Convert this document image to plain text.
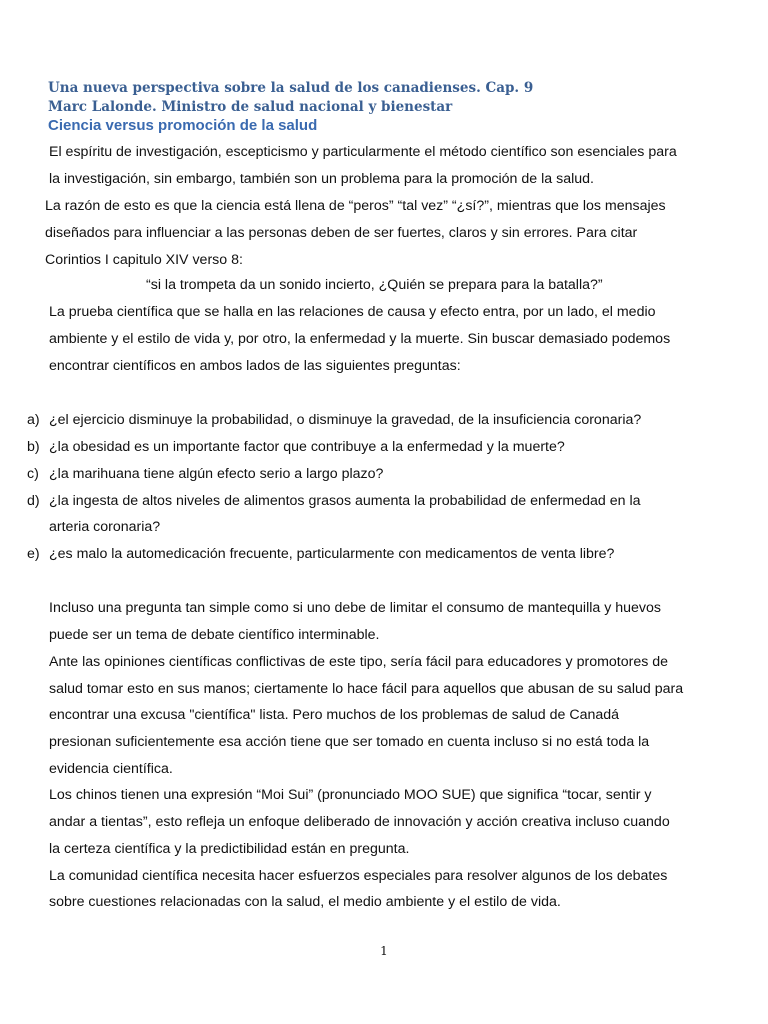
Una nueva perspectiva sobre la salud de los canadienses. Cap. 9
Marc Lalonde. Ministro de salud nacional y bienestar
Ciencia versus promoción de la salud
El espíritu de investigación, escepticismo y particularmente el método científico son esenciales para
la investigación, sin embargo, también son un problema para la promoción de la salud.
La razón de esto es que la ciencia está llena de “peros” “tal vez” “¿sí?”, mientras que los mensajes
diseñados para influenciar a las personas deben de ser fuertes, claros y sin errores. Para citar
Corintios I capitulo XIV verso 8:
“si la trompeta da un sonido incierto, ¿Quién se prepara para la batalla?”
La prueba científica que se halla en las relaciones de causa y efecto entra, por un lado, el medio
ambiente y el estilo de vida y, por otro, la enfermedad y la muerte. Sin buscar demasiado podemos
encontrar científicos en ambos lados de las siguientes preguntas:
a) ¿el ejercicio disminuye la probabilidad, o disminuye la gravedad, de la insuficiencia coronaria?
b) ¿la obesidad es un importante factor que contribuye a la enfermedad y la muerte?
c) ¿la marihuana tiene algún efecto serio a largo plazo?
d) ¿la ingesta de altos niveles de alimentos grasos aumenta la probabilidad de enfermedad en la
arteria coronaria?
e) ¿es malo la automedicación frecuente, particularmente con medicamentos de venta libre?
Incluso una pregunta tan simple como si uno debe de limitar el consumo de mantequilla y huevos
puede ser un tema de debate científico interminable.
Ante las opiniones científicas conflictivas de este tipo, sería fácil para educadores y promotores de
salud tomar esto en sus manos; ciertamente lo hace fácil para aquellos que abusan de su salud para
encontrar una excusa "científica" lista. Pero muchos de los problemas de salud de Canadá
presionan suficientemente esa acción tiene que ser tomado en cuenta incluso si no está toda la
evidencia científica.
Los chinos tienen una expresión “Moi Sui” (pronunciado MOO SUE) que significa “tocar, sentir y
andar a tientas”, esto refleja un enfoque deliberado de innovación y acción creativa incluso cuando
la certeza científica y la predictibilidad están en pregunta.
La comunidad científica necesita hacer esfuerzos especiales para resolver algunos de los debates
sobre cuestiones relacionadas con la salud, el medio ambiente y el estilo de vida.
1
